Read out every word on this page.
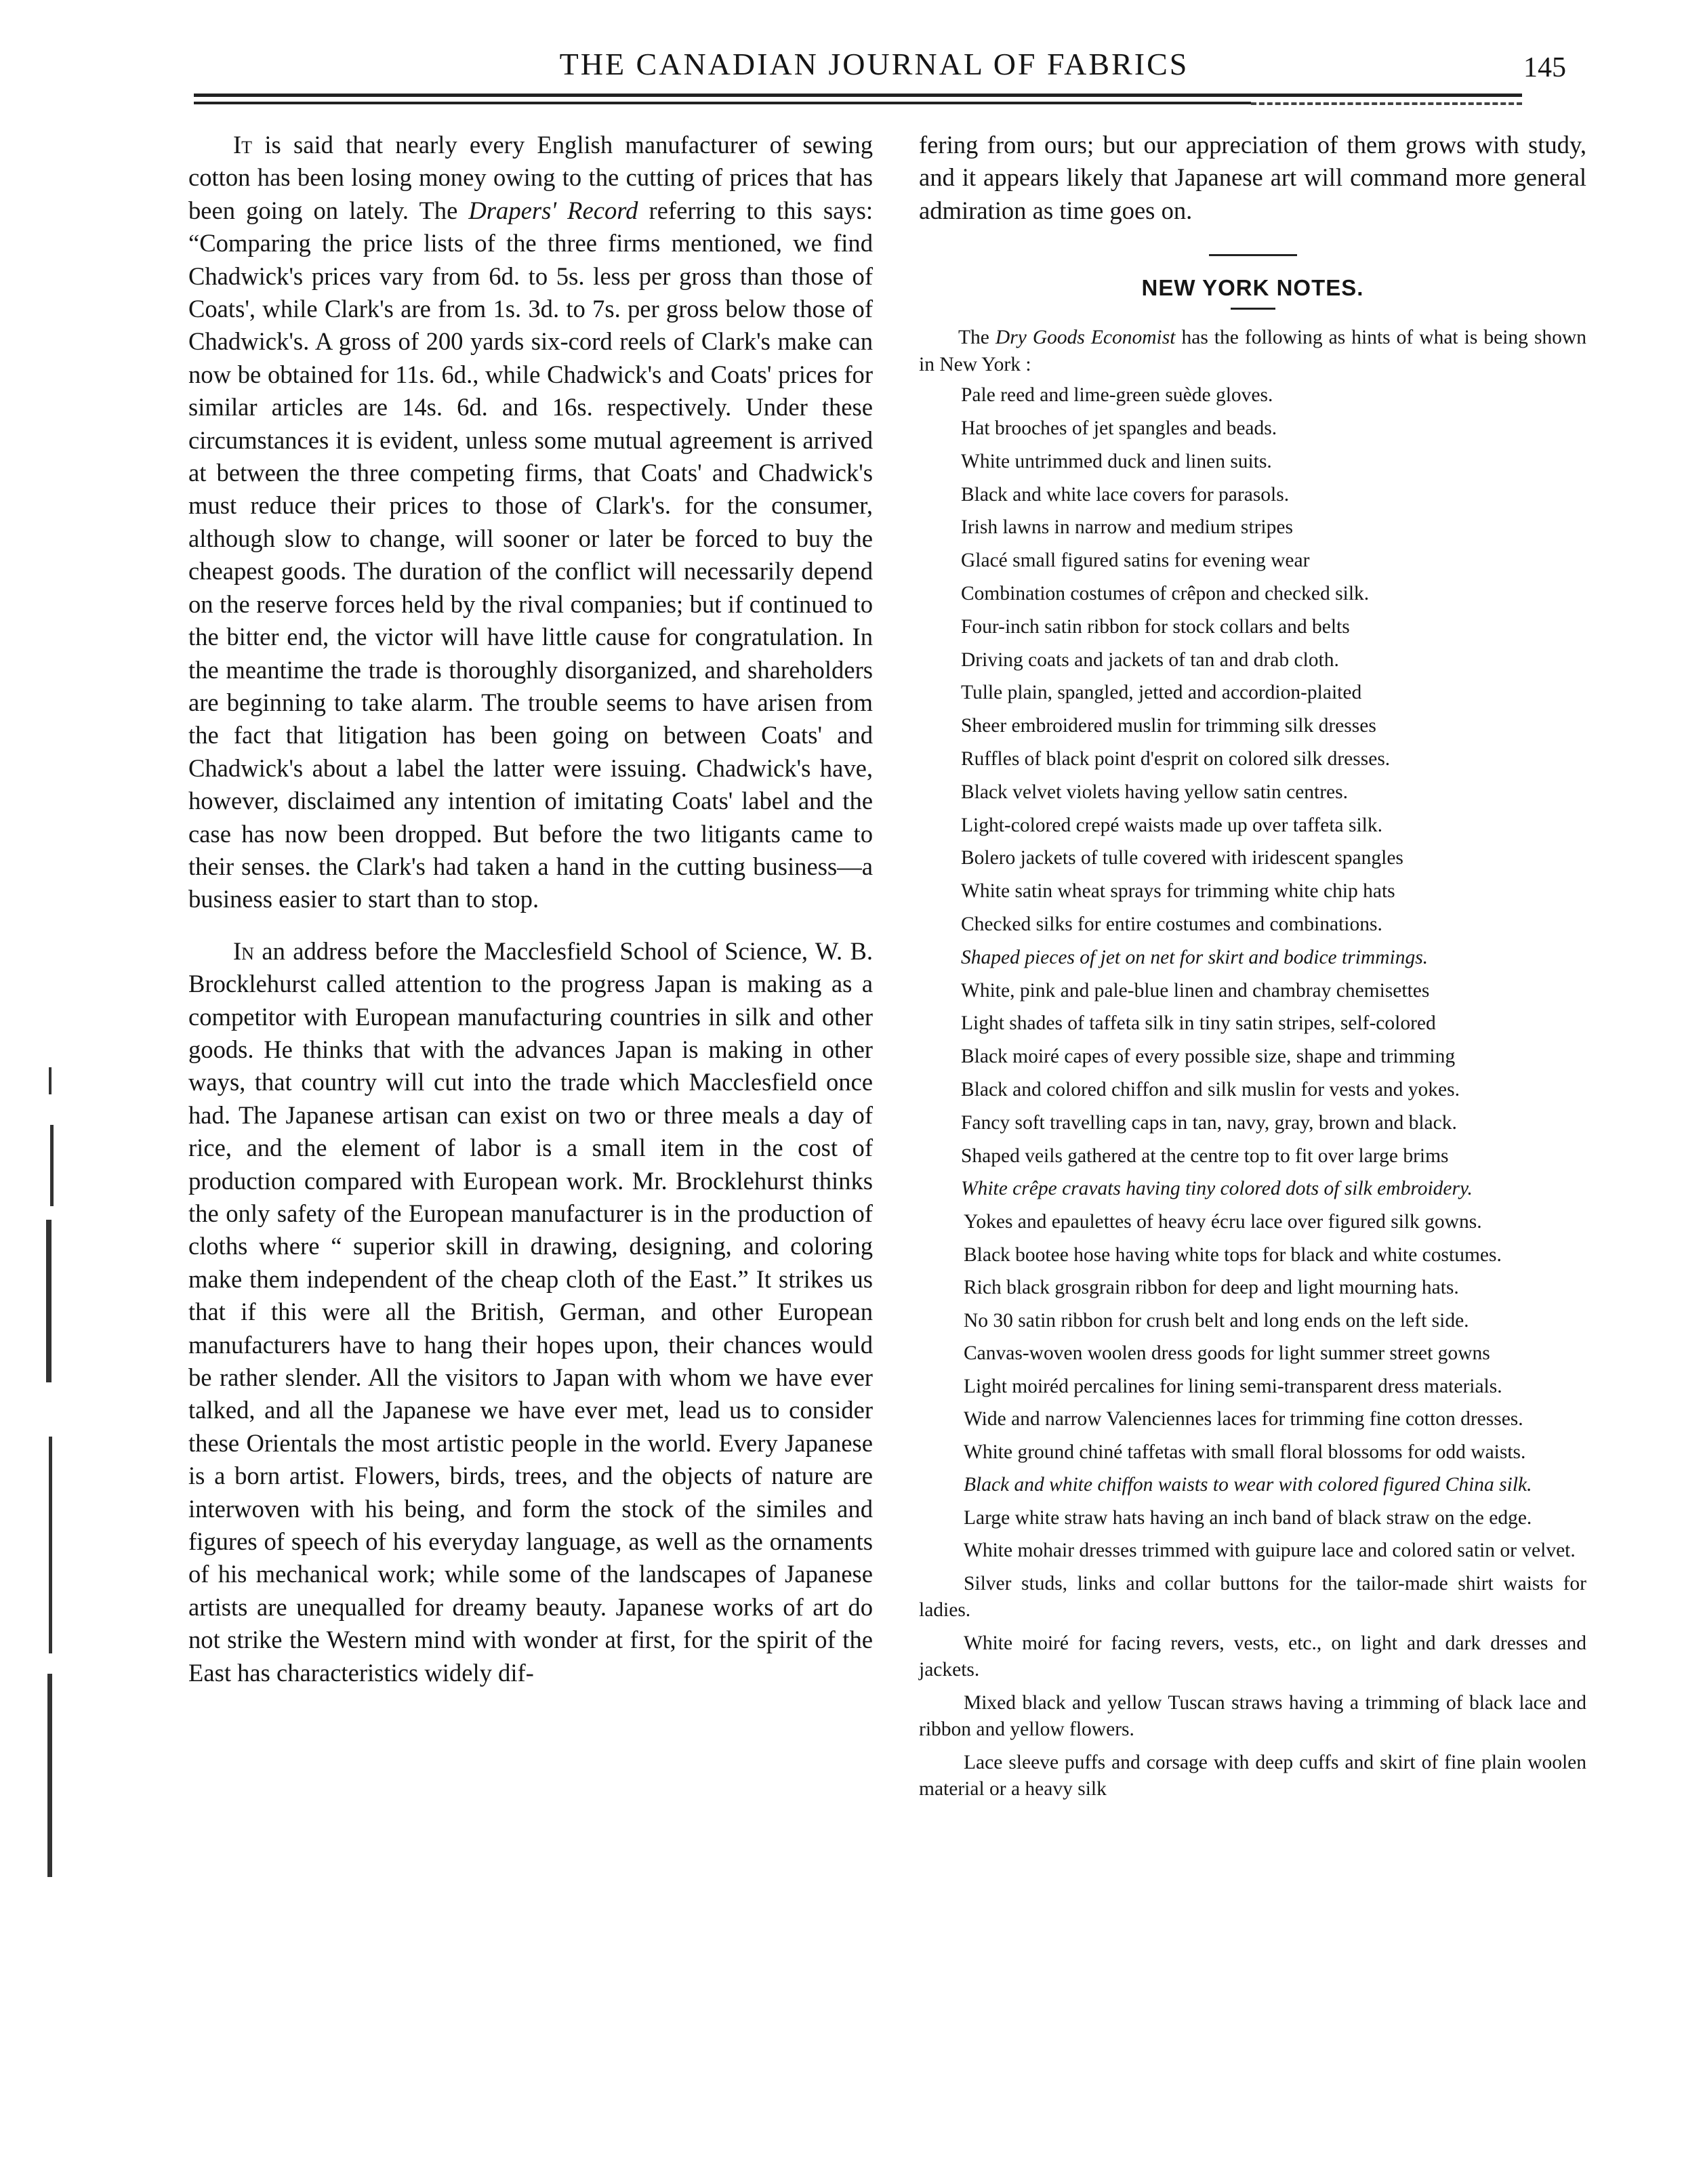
THE CANADIAN JOURNAL OF FABRICS	145

It is said that nearly every English manufacturer of sewing cotton has been losing money owing to the cutting of prices that has been going on lately. The Drapers' Record referring to this says: “Comparing the price lists of the three firms mentioned, we find Chadwick's prices vary from 6d. to 5s. less per gross than those of Coats', while Clark's are from 1s. 3d. to 7s. per gross below those of Chadwick's. A gross of 200 yards six-cord reels of Clark's make can now be obtained for 11s. 6d., while Chadwick's and Coats' prices for similar articles are 14s. 6d. and 16s. respectively. Under these circumstances it is evident, unless some mutual agreement is arrived at between the three competing firms, that Coats' and Chadwick's must reduce their prices to those of Clark's. for the consumer, although slow to change, will sooner or later be forced to buy the cheapest goods. The duration of the conflict will necessarily depend on the reserve forces held by the rival companies; but if continued to the bitter end, the victor will have little cause for congratulation. In the meantime the trade is thoroughly disorganized, and shareholders are beginning to take alarm. The trouble seems to have arisen from the fact that litigation has been going on between Coats' and Chadwick's about a label the latter were issuing. Chadwick's have, however, disclaimed any intention of imitating Coats' label and the case has now been dropped. But before the two litigants came to their senses. the Clark's had taken a hand in the cutting business—a business easier to start than to stop.

In an address before the Macclesfield School of Science, W. B. Brocklehurst called attention to the progress Japan is making as a competitor with European manufacturing countries in silk and other goods. He thinks that with the advances Japan is making in other ways, that country will cut into the trade which Macclesfield once had. The Japanese artisan can exist on two or three meals a day of rice, and the element of labor is a small item in the cost of production compared with European work. Mr. Brocklehurst thinks the only safety of the European manufacturer is in the production of cloths where “ superior skill in drawing, designing, and coloring make them independent of the cheap cloth of the East.” It strikes us that if this were all the British, German, and other European manufacturers have to hang their hopes upon, their chances would be rather slender. All the visitors to Japan with whom we have ever talked, and all the Japanese we have ever met, lead us to consider these Orientals the most artistic people in the world. Every Japanese is a born artist. Flowers, birds, trees, and the objects of nature are interwoven with his being, and form the stock of the similes and figures of speech of his everyday language, as well as the ornaments of his mechanical work; while some of the landscapes of Japanese artists are unequalled for dreamy beauty. Japanese works of art do not strike the Western mind with wonder at first, for the spirit of the East has characteristics widely dif-

fering from ours; but our appreciation of them grows with study, and it appears likely that Japanese art will command more general admiration as time goes on.

NEW YORK NOTES.

The Dry Goods Economist has the following as hints of what is being shown in New York :

Pale reed and lime-green suède gloves.
Hat brooches of jet spangles and beads.
White untrimmed duck and linen suits.
Black and white lace covers for parasols.
Irish lawns in narrow and medium stripes
Glacé small figured satins for evening wear
Combination costumes of crêpon and checked silk.
Four-inch satin ribbon for stock collars and belts
Driving coats and jackets of tan and drab cloth.
Tulle plain, spangled, jetted and accordion-plaited
Sheer embroidered muslin for trimming silk dresses
Ruffles of black point d'esprit on colored silk dresses.
Black velvet violets having yellow satin centres.
Light-colored crepé waists made up over taffeta silk.
Bolero jackets of tulle covered with iridescent spangles
White satin wheat sprays for trimming white chip hats
Checked silks for entire costumes and combinations.
Shaped pieces of jet on net for skirt and bodice trimmings.
White, pink and pale-blue linen and chambray chemisettes
Light shades of taffeta silk in tiny satin stripes, self-colored
Black moiré capes of every possible size, shape and trimming
Black and colored chiffon and silk muslin for vests and yokes.
Fancy soft travelling caps in tan, navy, gray, brown and black.
Shaped veils gathered at the centre top to fit over large brims
White crêpe cravats having tiny colored dots of silk embroidery.
Yokes and epaulettes of heavy écru lace over figured silk gowns.
Black bootee hose having white tops for black and white costumes.
Rich black grosgrain ribbon for deep and light mourning hats.
No 30 satin ribbon for crush belt and long ends on the left side.
Canvas-woven woolen dress goods for light summer street gowns
Light moiréd percalines for lining semi-transparent dress materials.
Wide and narrow Valenciennes laces for trimming fine cotton dresses.
White ground chiné taffetas with small floral blossoms for odd waists.
Black and white chiffon waists to wear with colored figured China silk.
Large white straw hats having an inch band of black straw on the edge.
White mohair dresses trimmed with guipure lace and colored satin or velvet.
Silver studs, links and collar buttons for the tailor-made shirt waists for ladies.
White moiré for facing revers, vests, etc., on light and dark dresses and jackets.
Mixed black and yellow Tuscan straws having a trimming of black lace and ribbon and yellow flowers.
Lace sleeve puffs and corsage with deep cuffs and skirt of fine plain woolen material or a heavy silk
